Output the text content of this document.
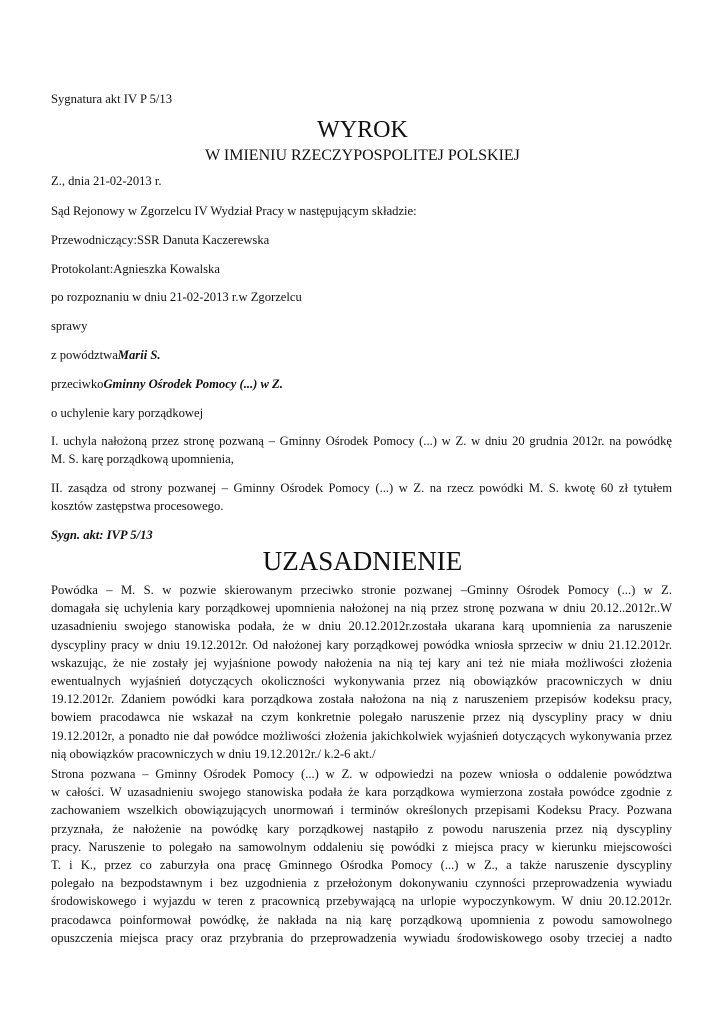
Sygnatura akt IV P 5/13
WYROK
W IMIENIU RZECZYPOSPOLITEJ POLSKIEJ
Z., dnia 21-02-2013 r.
Sąd Rejonowy w Zgorzelcu IV Wydział Pracy w następującym składzie:
Przewodniczący:SSR Danuta Kaczerewska
Protokolant:Agnieszka Kowalska
po rozpoznaniu w dniu 21-02-2013 r.w Zgorzelcu
sprawy
z powództwaMarii S.
przeciwkoGminny Ośrodek Pomocy (...) w Z.
o uchylenie kary porządkowej
I. uchyla nałożoną przez stronę pozwaną – Gminny Ośrodek Pomocy (...) w Z. w dniu 20 grudnia 2012r. na powódkę
M. S. karę porządkową upomnienia,
II. zasądza od strony pozwanej – Gminny Ośrodek Pomocy (...) w Z. na rzecz powódki M. S. kwotę 60 zł tytułem
kosztów zastępstwa procesowego.
Sygn. akt: IVP 5/13
UZASADNIENIE
Powódka – M. S. w pozwie skierowanym przeciwko stronie pozwanej –Gminny Ośrodek Pomocy (...) w Z.
domagała się uchylenia kary porządkowej upomnienia nałożonej na nią przez stronę pozwana w dniu 20.12..2012r..W
uzasadnieniu swojego stanowiska podała, że w dniu 20.12.2012r.została ukarana karą upomnienia za naruszenie
dyscypliny pracy w dniu 19.12.2012r. Od nałożonej kary porządkowej powódka wniosła sprzeciw w dniu 21.12.2012r.
wskazując, że nie zostały jej wyjaśnione powody nałożenia na nią tej kary ani też nie miała możliwości złożenia
ewentualnych wyjaśnień dotyczących okoliczności wykonywania przez nią obowiązków pracowniczych w dniu
19.12.2012r. Zdaniem powódki kara porządkowa została nałożona na nią z naruszeniem przepisów kodeksu pracy,
bowiem pracodawca nie wskazał na czym konkretnie polegało naruszenie przez nią dyscypliny pracy w dniu
19.12.2012r, a ponadto nie dał powódce możliwości złożenia jakichkolwiek wyjaśnień dotyczących wykonywania przez
nią obowiązków pracowniczych w dniu 19.12.2012r./ k.2-6 akt./
Strona pozwana – Gminny Ośrodek Pomocy (...) w Z. w odpowiedzi na pozew wniosła o oddalenie powództwa
w całości. W uzasadnieniu swojego stanowiska podała że kara porządkowa wymierzona została powódce zgodnie z
zachowaniem wszelkich obowiązujących unormowań i terminów określonych przepisami Kodeksu Pracy. Pozwana
przyznała, że nałożenie na powódkę kary porządkowej nastąpiło z powodu naruszenia przez nią dyscypliny
pracy. Naruszenie to polegało na samowolnym oddaleniu się powódki z miejsca pracy w kierunku miejscowości
T. i K., przez co zaburzyła ona pracę Gminnego Ośrodka Pomocy (...) w Z., a także naruszenie dyscypliny
polegało na bezpodstawnym i bez uzgodnienia z przełożonym dokonywaniu czynności przeprowadzenia wywiadu
środowiskowego i wyjazdu w teren z pracownicą przebywającą na urlopie wypoczynkowym. W dniu 20.12.2012r.
pracodawca poinformował powódkę, że nakłada na nią karę porządkową upomnienia z powodu samowolnego
opuszczenia miejsca pracy oraz przybrania do przeprowadzenia wywiadu środowiskowego osoby trzeciej a nadto
